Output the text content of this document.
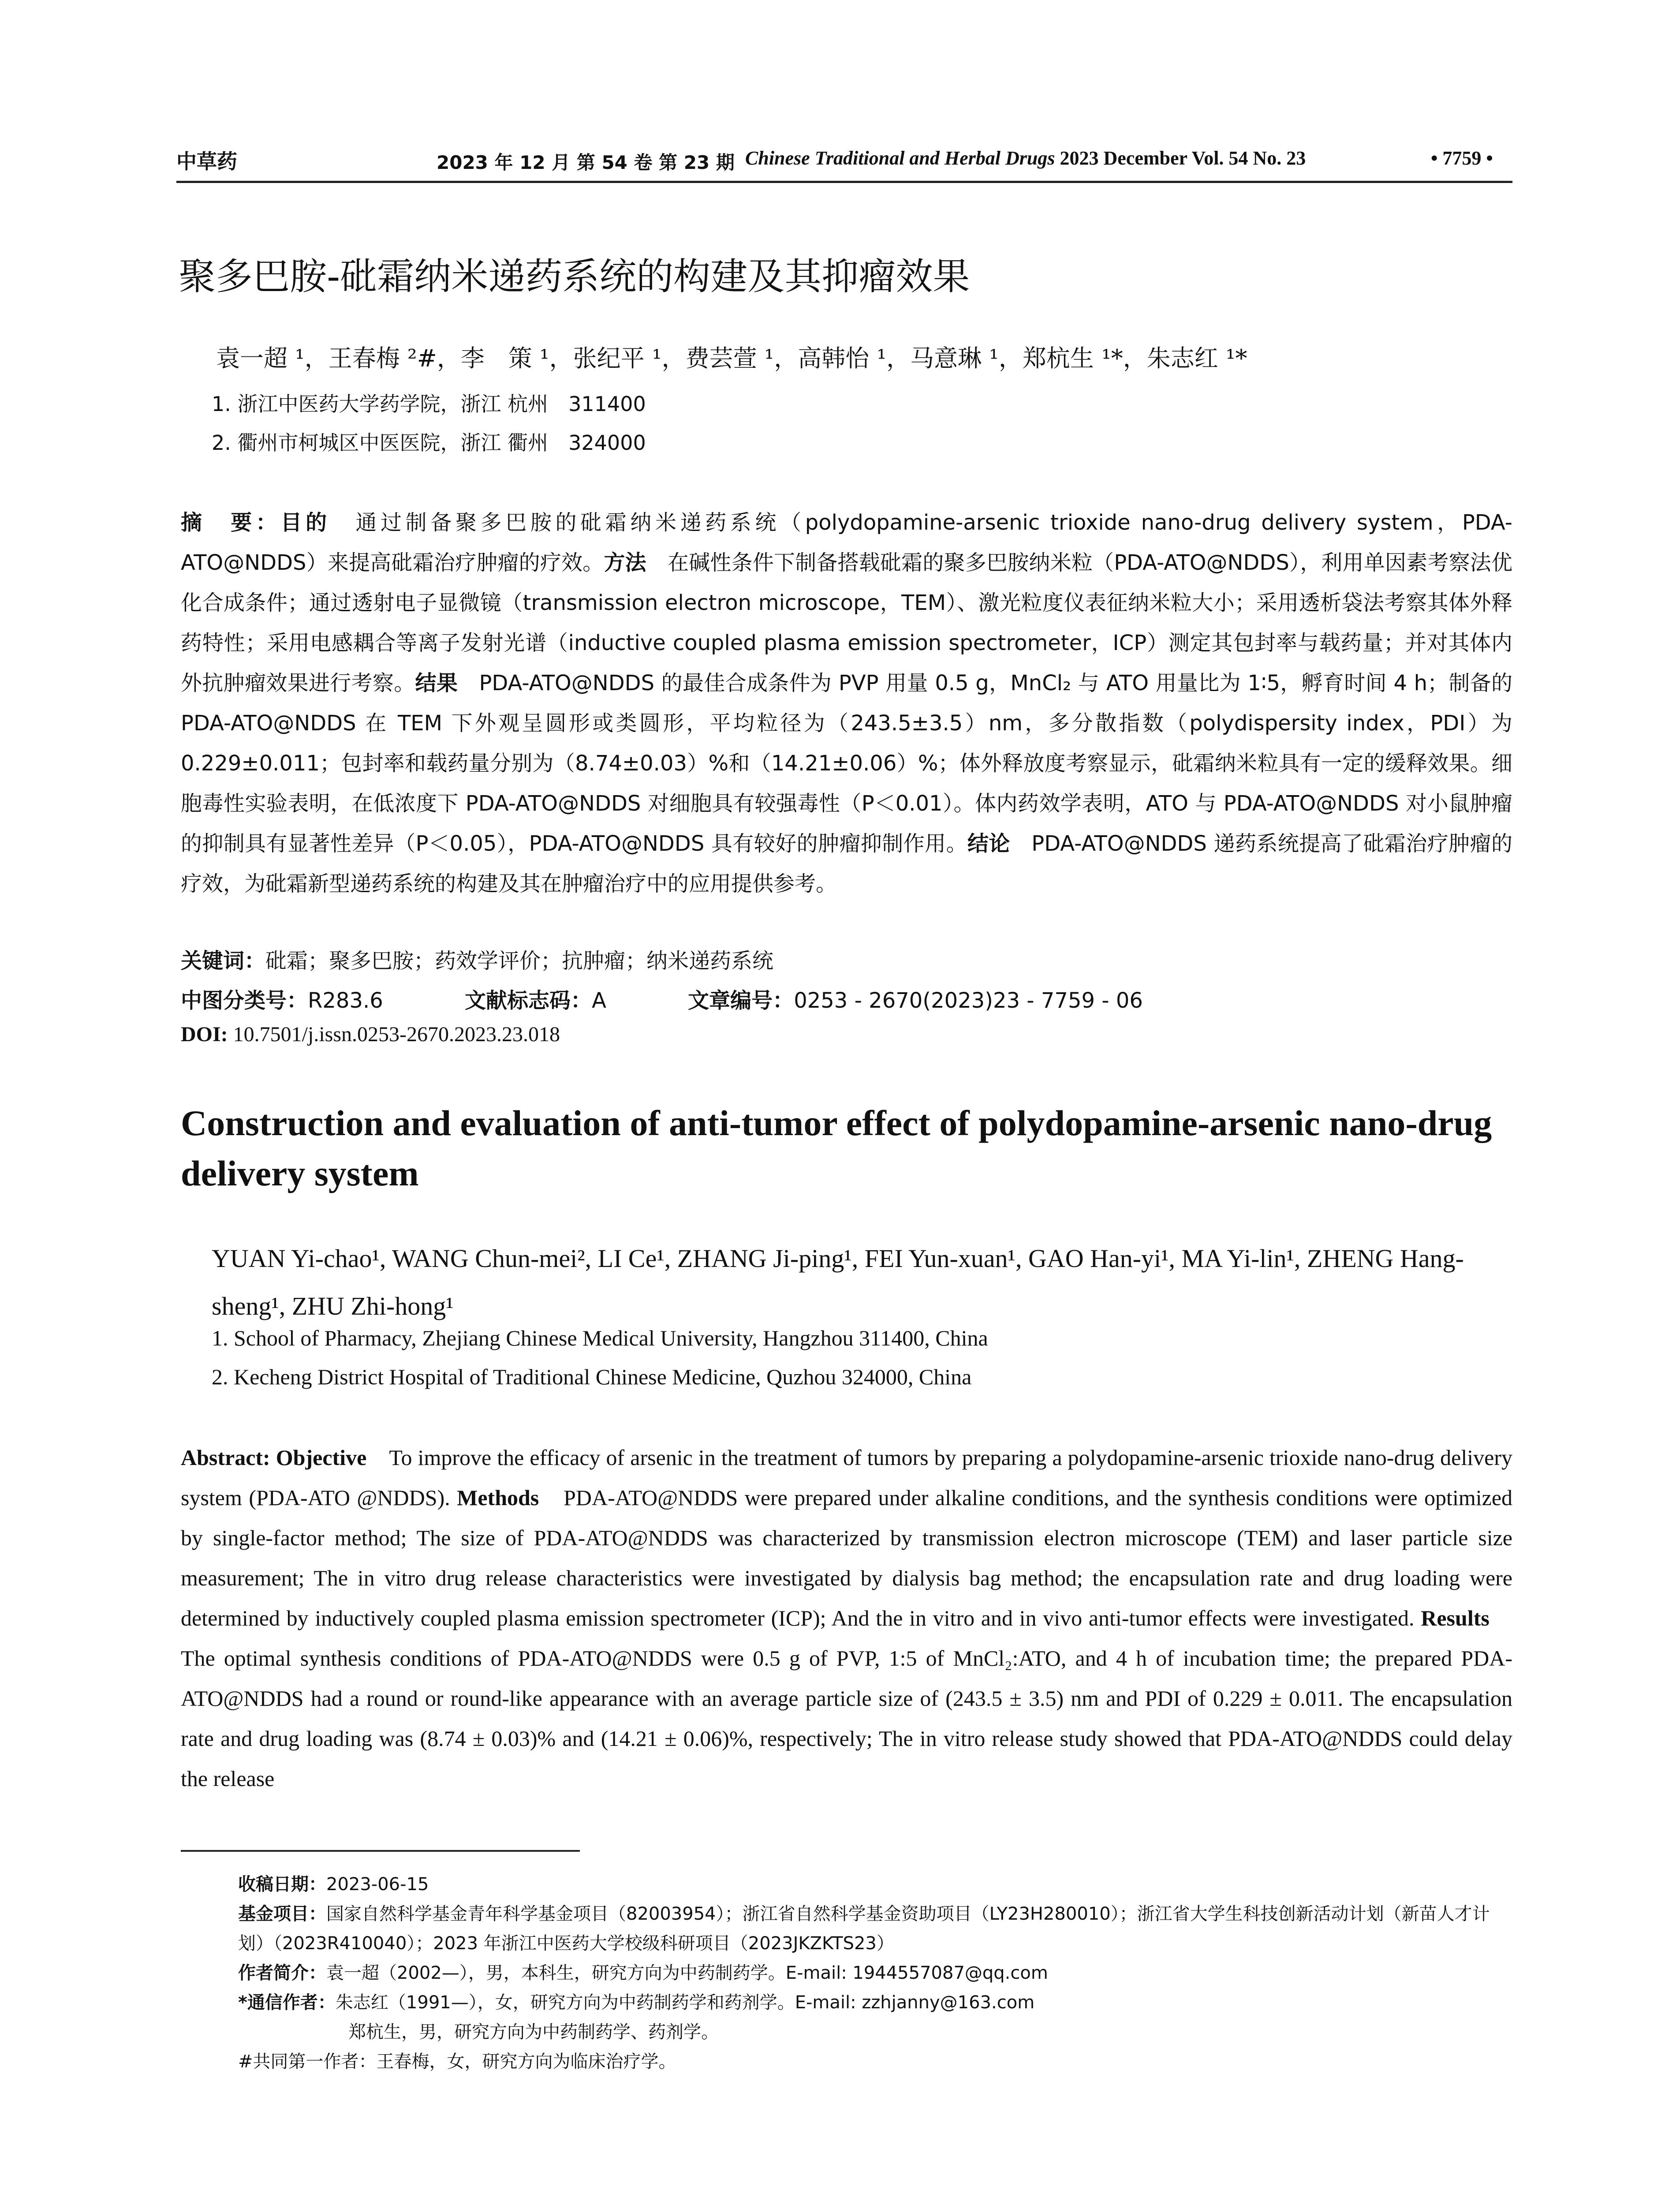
中草药	2023 年 12 月 第 54 卷 第 23 期 Chinese Traditional and Herbal Drugs 2023 December Vol. 54 No. 23	• 7759 •
聚多巴胺-砒霜纳米递药系统的构建及其抑瘤效果
袁一超 ¹，王春梅 ²#，李　策 ¹，张纪平 ¹，费芸萱 ¹，高韩怡 ¹，马意琳 ¹，郑杭生 ¹*，朱志红 ¹*
1. 浙江中医药大学药学院，浙江 杭州　311400
2. 衢州市柯城区中医医院，浙江 衢州　324000
摘　要：目的　通过制备聚多巴胺的砒霜纳米递药系统（polydopamine-arsenic trioxide nano-drug delivery system，PDA-ATO@NDDS）来提高砒霜治疗肿瘤的疗效。方法　在碱性条件下制备搭载砒霜的聚多巴胺纳米粒（PDA-ATO@NDDS），利用单因素考察法优化合成条件；通过透射电子显微镜（transmission electron microscope，TEM）、激光粒度仪表征纳米粒大小；采用透析袋法考察其体外释药特性；采用电感耦合等离子发射光谱（inductive coupled plasma emission spectrometer，ICP）测定其包封率与载药量；并对其体内外抗肿瘤效果进行考察。结果　PDA-ATO@NDDS 的最佳合成条件为 PVP 用量 0.5 g，MnCl₂ 与 ATO 用量比为 1∶5，孵育时间 4 h；制备的 PDA-ATO@NDDS 在 TEM 下外观呈圆形或类圆形，平均粒径为（243.5±3.5）nm，多分散指数（polydispersity index，PDI）为 0.229±0.011；包封率和载药量分别为（8.74±0.03）%和（14.21±0.06）%；体外释放度考察显示，砒霜纳米粒具有一定的缓释效果。细胞毒性实验表明，在低浓度下 PDA-ATO@NDDS 对细胞具有较强毒性（P＜0.01）。体内药效学表明，ATO 与 PDA-ATO@NDDS 对小鼠肿瘤的抑制具有显著性差异（P＜0.05），PDA-ATO@NDDS 具有较好的肿瘤抑制作用。结论　PDA-ATO@NDDS 递药系统提高了砒霜治疗肿瘤的疗效，为砒霜新型递药系统的构建及其在肿瘤治疗中的应用提供参考。
关键词：砒霜；聚多巴胺；药效学评价；抗肿瘤；纳米递药系统
中图分类号：R283.6	文献标志码：A	文章编号：0253 - 2670(2023)23 - 7759 - 06
DOI: 10.7501/j.issn.0253-2670.2023.23.018
Construction and evaluation of anti-tumor effect of polydopamine-arsenic nano-drug delivery system
YUAN Yi-chao¹, WANG Chun-mei², LI Ce¹, ZHANG Ji-ping¹, FEI Yun-xuan¹, GAO Han-yi¹, MA Yi-lin¹, ZHENG Hang-sheng¹, ZHU Zhi-hong¹
1. School of Pharmacy, Zhejiang Chinese Medical University, Hangzhou 311400, China
2. Kecheng District Hospital of Traditional Chinese Medicine, Quzhou 324000, China
Abstract: Objective　To improve the efficacy of arsenic in the treatment of tumors by preparing a polydopamine-arsenic trioxide nano-drug delivery system (PDA-ATO @NDDS). Methods　PDA-ATO@NDDS were prepared under alkaline conditions, and the synthesis conditions were optimized by single-factor method; The size of PDA-ATO@NDDS was characterized by transmission electron microscope (TEM) and laser particle size measurement; The in vitro drug release characteristics were investigated by dialysis bag method; the encapsulation rate and drug loading were determined by inductively coupled plasma emission spectrometer (ICP); And the in vitro and in vivo anti-tumor effects were investigated. Results　The optimal synthesis conditions of PDA-ATO@NDDS were 0.5 g of PVP, 1:5 of MnCl₂:ATO, and 4 h of incubation time; the prepared PDA-ATO@NDDS had a round or round-like appearance with an average particle size of (243.5 ± 3.5) nm and PDI of 0.229 ± 0.011. The encapsulation rate and drug loading was (8.74 ± 0.03)% and (14.21 ± 0.06)%, respectively; The in vitro release study showed that PDA-ATO@NDDS could delay the release
收稿日期：2023-06-15
基金项目：国家自然科学基金青年科学基金项目（82003954）；浙江省自然科学基金资助项目（LY23H280010）；浙江省大学生科技创新活动计划（新苗人才计划）（2023R410040）；2023 年浙江中医药大学校级科研项目（2023JKZKTS23）
作者简介：袁一超（2002—），男，本科生，研究方向为中药制药学。E-mail: 1944557087@qq.com
*通信作者：朱志红（1991—），女，研究方向为中药制药学和药剂学。E-mail: zzhjanny@163.com
郑杭生，男，研究方向为中药制药学、药剂学。
#共同第一作者：王春梅，女，研究方向为临床治疗学。
